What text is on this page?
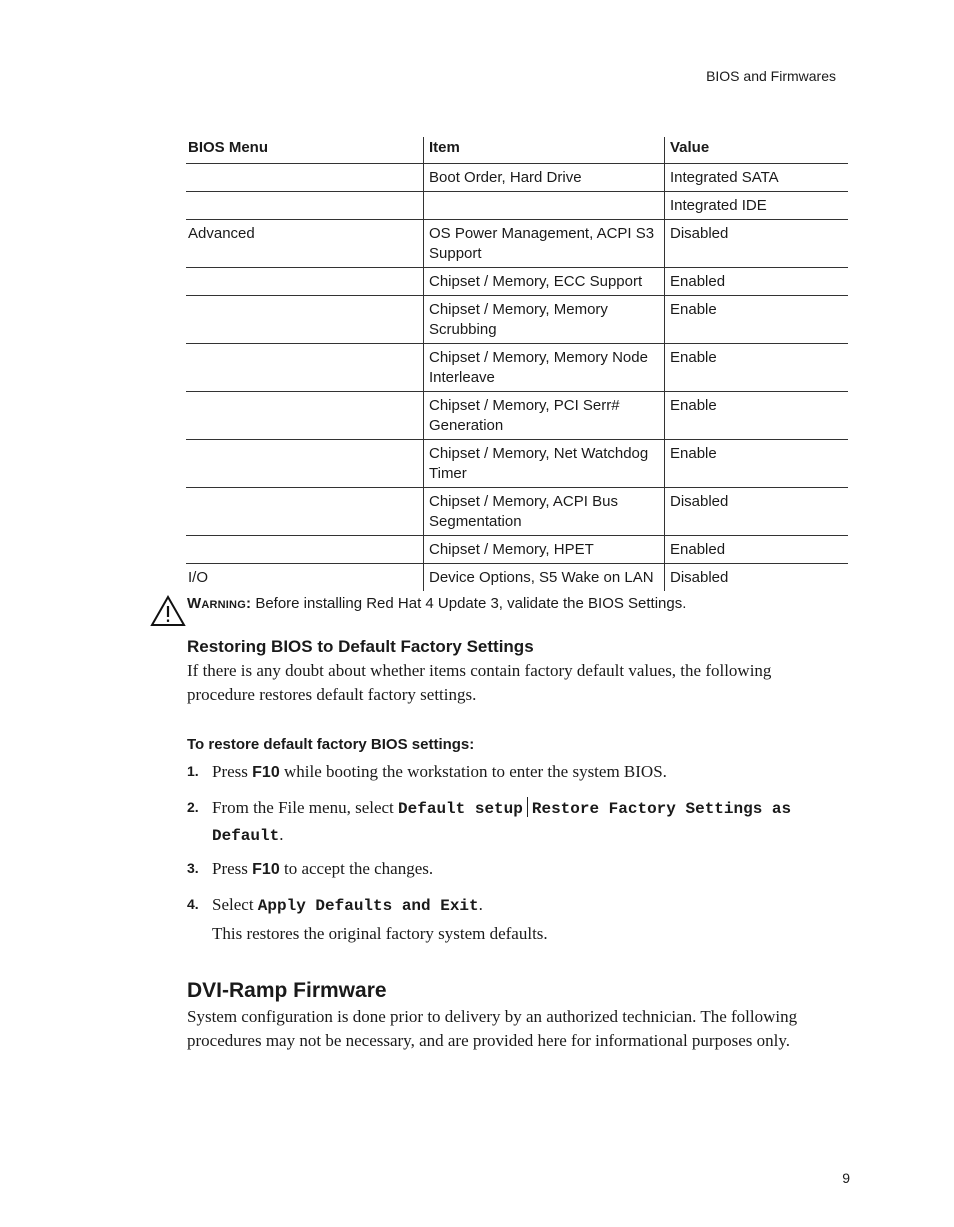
BIOS and Firmwares
BIOS Menu	Item	Value
	Boot Order, Hard Drive	Integrated SATA
		Integrated IDE
Advanced	OS Power Management, ACPI S3 Support	Disabled
	Chipset / Memory, ECC Support	Enabled
	Chipset / Memory, Memory Scrubbing	Enable
	Chipset / Memory, Memory Node Interleave	Enable
	Chipset / Memory, PCI Serr# Generation	Enable
	Chipset / Memory, Net Watchdog Timer	Enable
	Chipset / Memory, ACPI Bus Segmentation	Disabled
	Chipset / Memory, HPET	Enabled
I/O	Device Options, S5 Wake on LAN	Disabled
Warning: Before installing Red Hat 4 Update 3, validate the BIOS Settings.
Restoring BIOS to Default Factory Settings
If there is any doubt about whether items contain factory default values, the following procedure restores default factory settings.
To restore default factory BIOS settings:
1. Press F10 while booting the workstation to enter the system BIOS.
2. From the File menu, select Default setup Restore Factory Settings as Default.
3. Press F10 to accept the changes.
4. Select Apply Defaults and Exit.
This restores the original factory system defaults.
DVI-Ramp Firmware
System configuration is done prior to delivery by an authorized technician. The following procedures may not be necessary, and are provided here for informational purposes only.
9
